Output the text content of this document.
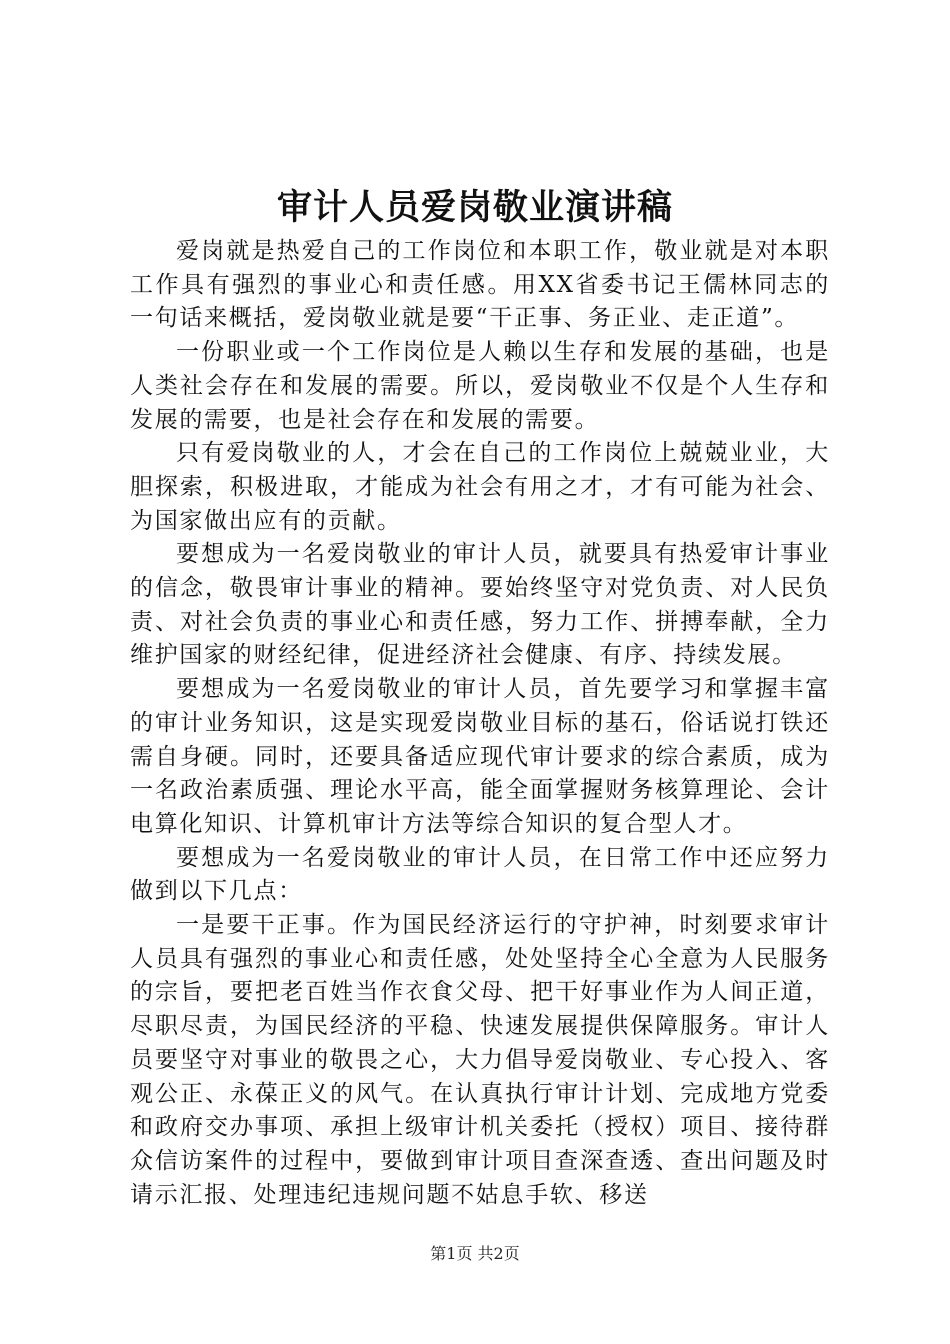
审计人员爱岗敬业演讲稿

爱岗就是热爱自己的工作岗位和本职工作，敬业就是对本职工作具有强烈的事业心和责任感。用XX省委书记王儒林同志的一句话来概括，爱岗敬业就是要“干正事、务正业、走正道”。

一份职业或一个工作岗位是人赖以生存和发展的基础，也是人类社会存在和发展的需要。所以，爱岗敬业不仅是个人生存和发展的需要，也是社会存在和发展的需要。

只有爱岗敬业的人，才会在自己的工作岗位上兢兢业业，大胆探索，积极进取，才能成为社会有用之才，才有可能为社会、为国家做出应有的贡献。

要想成为一名爱岗敬业的审计人员，就要具有热爱审计事业的信念，敬畏审计事业的精神。要始终坚守对党负责、对人民负责、对社会负责的事业心和责任感，努力工作、拼搏奉献，全力维护国家的财经纪律，促进经济社会健康、有序、持续发展。

要想成为一名爱岗敬业的审计人员，首先要学习和掌握丰富的审计业务知识，这是实现爱岗敬业目标的基石，俗话说打铁还需自身硬。同时，还要具备适应现代审计要求的综合素质，成为一名政治素质强、理论水平高，能全面掌握财务核算理论、会计电算化知识、计算机审计方法等综合知识的复合型人才。

要想成为一名爱岗敬业的审计人员，在日常工作中还应努力做到以下几点：

一是要干正事。作为国民经济运行的守护神，时刻要求审计人员具有强烈的事业心和责任感，处处坚持全心全意为人民服务的宗旨，要把老百姓当作衣食父母、把干好事业作为人间正道，尽职尽责，为国民经济的平稳、快速发展提供保障服务。审计人员要坚守对事业的敬畏之心，大力倡导爱岗敬业、专心投入、客观公正、永葆正义的风气。在认真执行审计计划、完成地方党委和政府交办事项、承担上级审计机关委托（授权）项目、接待群众信访案件的过程中，要做到审计项目查深查透、查出问题及时请示汇报、处理违纪违规问题不姑息手软、移送

第1页 共2页
